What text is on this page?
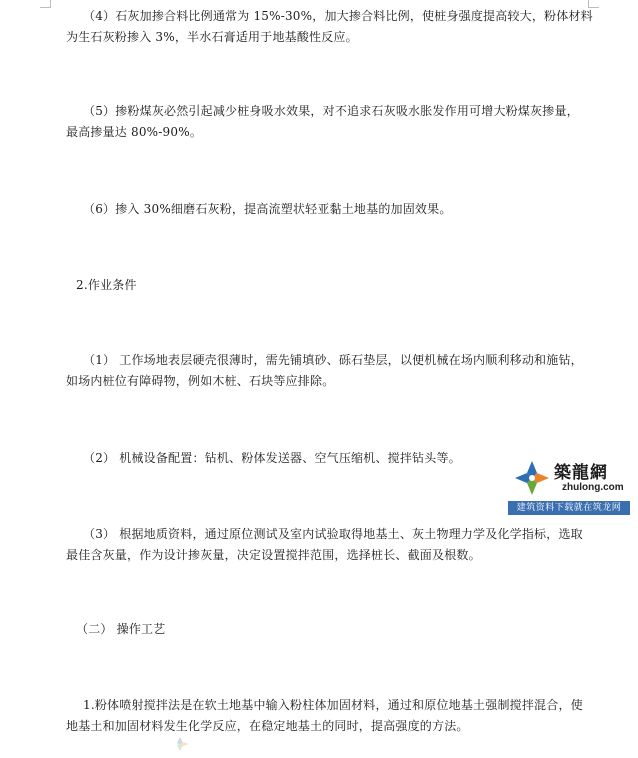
（4）石灰加掺合料比例通常为 15%-30%，加大掺合料比例，使桩身强度提高较大，粉体材料
为生石灰粉掺入 3%，半水石膏适用于地基酸性反应。

（5）掺粉煤灰必然引起减少桩身吸水效果，对不追求石灰吸水胀发作用可增大粉煤灰掺量，
最高掺量达 80%-90%。

（6）掺入 30%细磨石灰粉，提高流塑状轻亚黏土地基的加固效果。

2.作业条件

（1） 工作场地表层硬壳很薄时，需先铺填砂、砾石垫层，以便机械在场内顺利移动和施钻，
如场内桩位有障碍物，例如木桩、石块等应排除。

（2） 机械设备配置：钻机、粉体发送器、空气压缩机、搅拌钻头等。

（3） 根据地质资料，通过原位测试及室内试验取得地基土、灰土物理力学及化学指标，选取
最佳含灰量，作为设计掺灰量，决定设置搅拌范围，选择桩长、截面及根数。

（二） 操作工艺

1.粉体喷射搅拌法是在软土地基中输入粉柱体加固材料，通过和原位地基土强制搅拌混合，使
地基土和加固材料发生化学反应，在稳定地基土的同时，提高强度的方法。

築龍網
zhulong.com
建筑资料下载就在筑龙网
